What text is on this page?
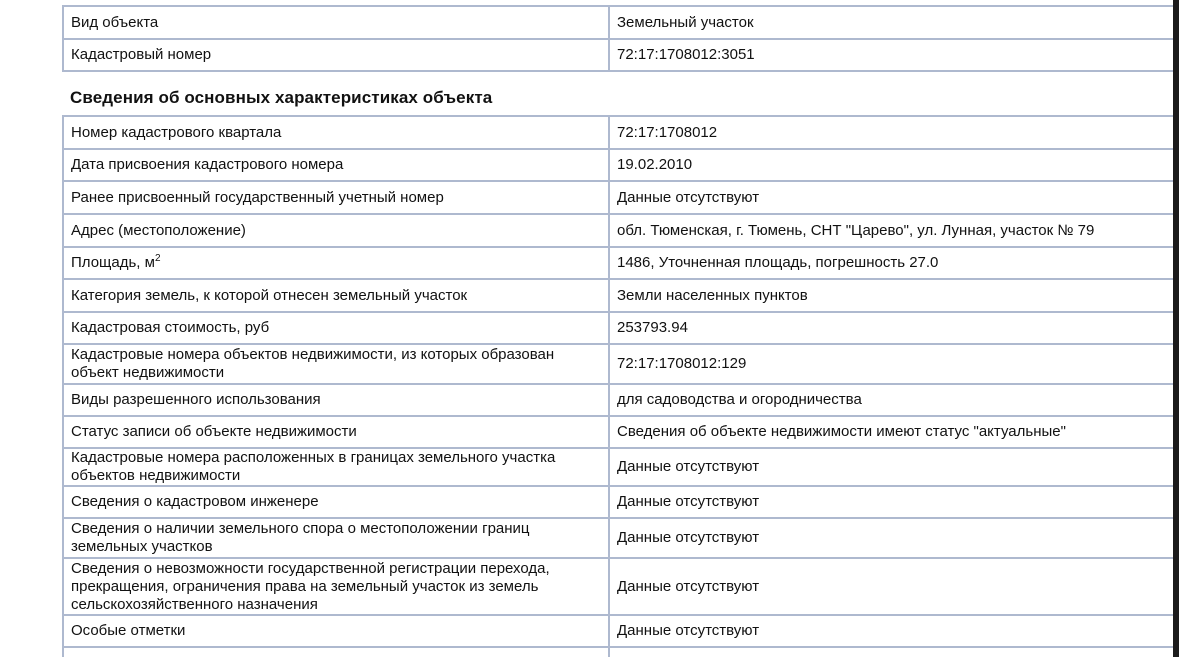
Вид объекта	Земельный участок
Кадастровый номер	72:17:1708012:3051
Сведения об основных характеристиках объекта
Номер кадастрового квартала	72:17:1708012
Дата присвоения кадастрового номера	19.02.2010
Ранее присвоенный государственный учетный номер	Данные отсутствуют
Адрес (местоположение)	обл. Тюменская, г. Тюмень, СНТ "Царево", ул. Лунная, участок № 79
Площадь, $м^2$	1486, Уточненная площадь, погрешность 27.0
Категория земель, к которой отнесен земельный участок	Земли населенных пунктов
Кадастровая стоимость, руб	253793.94
Кадастровые номера объектов недвижимости, из которых образован объект недвижимости	72:17:1708012:129
Виды разрешенного использования	для садоводства и огородничества
Статус записи об объекте недвижимости	Сведения об объекте недвижимости имеют статус "актуальные"
Кадастровые номера расположенных в границах земельного участка объектов недвижимости	Данные отсутствуют
Сведения о кадастровом инженере	Данные отсутствуют
Сведения о наличии земельного спора о местоположении границ земельных участков	Данные отсутствуют
Сведения о невозможности государственной регистрации перехода, прекращения, ограничения права на земельный участок из земель сельскохозяйственного назначения	Данные отсутствуют
Особые отметки	Данные отсутствуют
